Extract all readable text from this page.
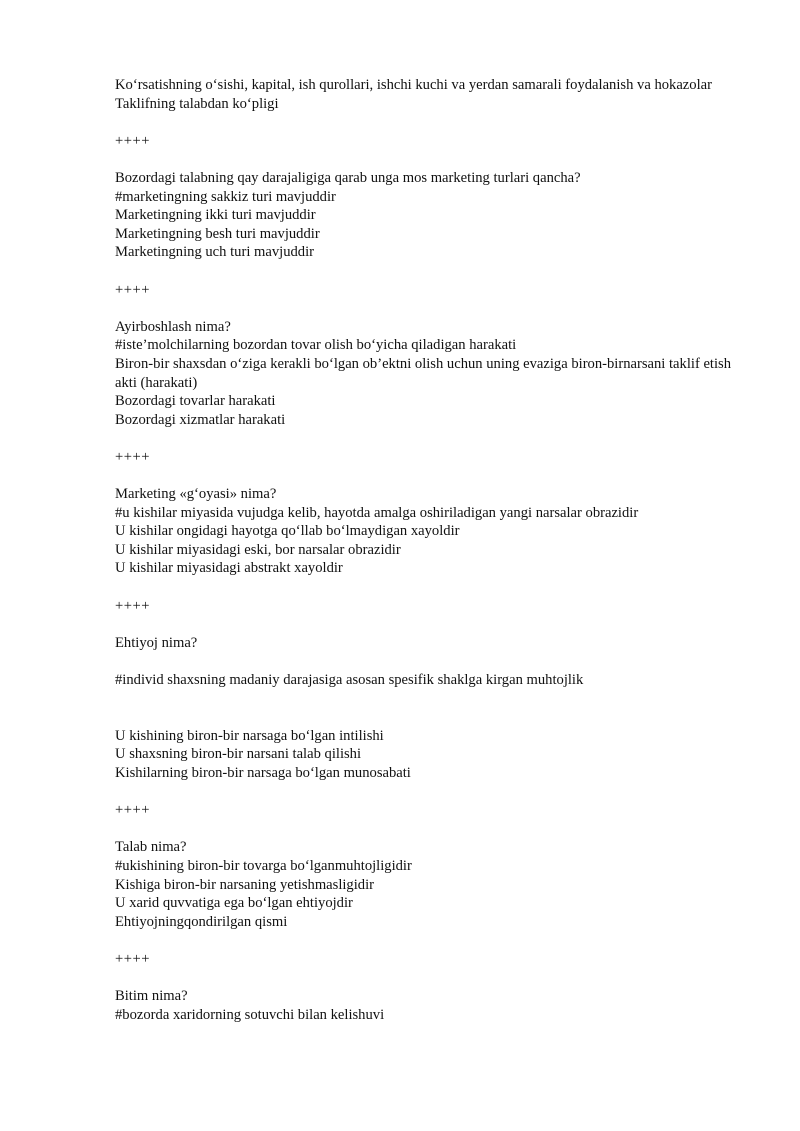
Ko‘rsatishning o‘sishi, kapital, ish qurollari, ishchi kuchi va yerdan samarali foydalanish va hokazolar
Taklifning talabdan ko‘pligi
++++
Bozordagi talabning qay darajaligiga qarab unga mos marketing turlari qancha?
#marketingning sakkiz turi mavjuddir
Marketingning ikki turi mavjuddir
Marketingning besh turi mavjuddir
Marketingning uch turi mavjuddir
++++
Ayirboshlash nima?
#iste’molchilarning bozordan tovar olish bo‘yicha qiladigan harakati
Biron-bir shaxsdan o‘ziga kerakli bo‘lgan ob’ektni olish uchun uning evaziga biron-birnarsani taklif etish akti (harakati)
Bozordagi tovarlar harakati
Bozordagi xizmatlar harakati
++++
Marketing «g‘oyasi» nima?
#u kishilar miyasida vujudga kelib, hayotda amalga oshiriladigan yangi narsalar obrazidir
U kishilar ongidagi hayotga qo‘llab bo‘lmaydigan xayoldir
U kishilar miyasidagi eski, bor narsalar obrazidir
U kishilar miyasidagi abstrakt xayoldir
++++
Ehtiyoj nima?
#individ shaxsning madaniy darajasiga asosan spesifik shaklga kirgan muhtojlik
U kishining biron-bir narsaga bo‘lgan intilishi
U shaxsning biron-bir narsani talab qilishi
Kishilarning biron-bir narsaga bo‘lgan munosabati
++++
Talab nima?
#ukishining biron-bir tovarga bo‘lganmuhtojligidir
Kishiga biron-bir narsaning yetishmasligidir
U xarid quvvatiga ega bo‘lgan ehtiyojdir
Ehtiyojningqondirilgan qismi
++++
Bitim nima?
#bozorda xaridorning sotuvchi bilan kelishuvi
